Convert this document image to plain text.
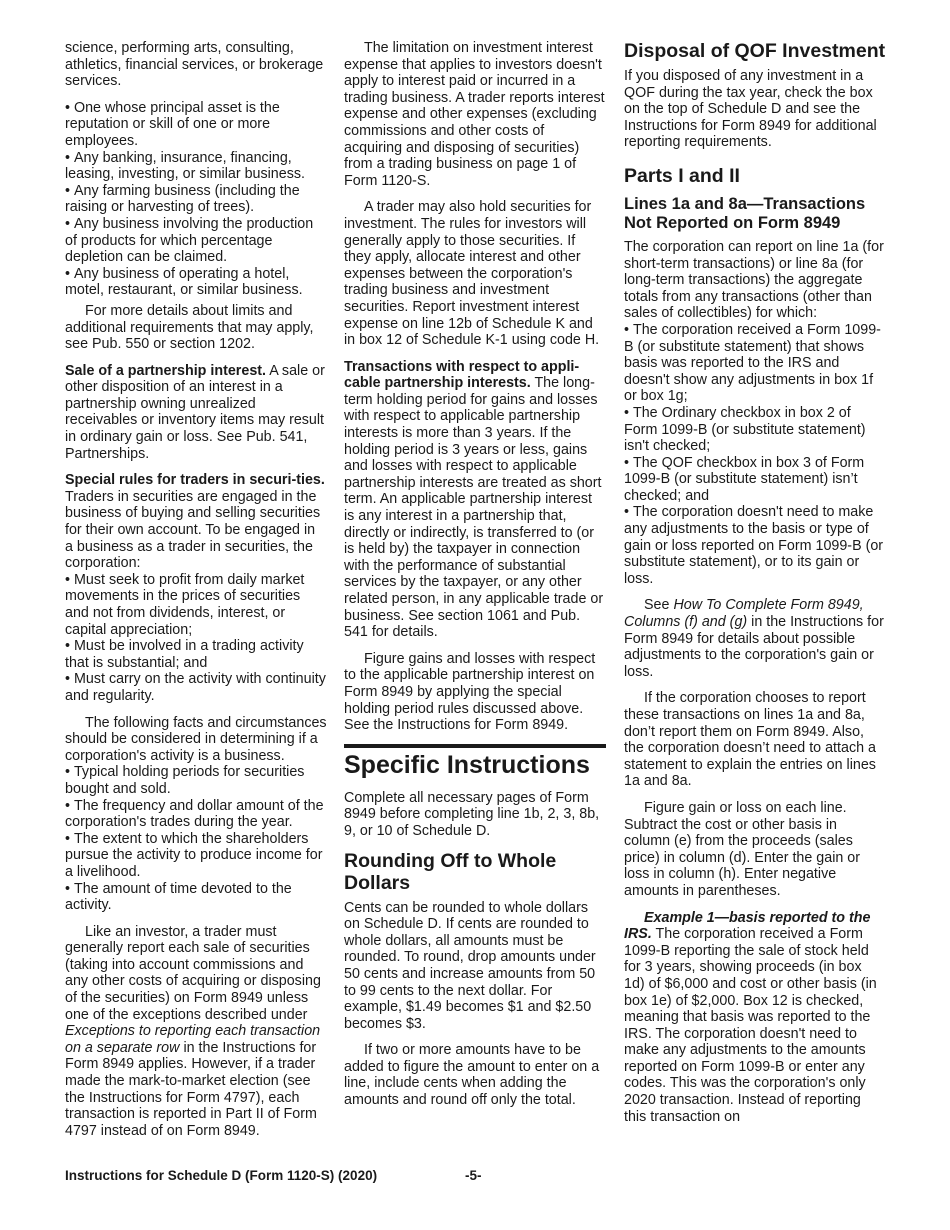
science, performing arts, consulting, athletics, financial services, or brokerage services.

• One whose principal asset is the reputation or skill of one or more employees.
• Any banking, insurance, financing, leasing, investing, or similar business.
• Any farming business (including the raising or harvesting of trees).
• Any business involving the production of products for which percentage depletion can be claimed.
• Any business of operating a hotel, motel, restaurant, or similar business.

For more details about limits and additional requirements that may apply, see Pub. 550 or section 1202.

Sale of a partnership interest. A sale or other disposition of an interest in a partnership owning unrealized receivables or inventory items may result in ordinary gain or loss. See Pub. 541, Partnerships.

Special rules for traders in securi-ties. Traders in securities are engaged in the business of buying and selling securities for their own account. To be engaged in a business as a trader in securities, the corporation:

• Must seek to profit from daily market movements in the prices of securities and not from dividends, interest, or capital appreciation;
• Must be involved in a trading activity that is substantial; and
• Must carry on the activity with continuity and regularity.

The following facts and circumstances should be considered in determining if a corporation's activity is a business.

• Typical holding periods for securities bought and sold.
• The frequency and dollar amount of the corporation's trades during the year.
• The extent to which the shareholders pursue the activity to produce income for a livelihood.
• The amount of time devoted to the activity.

Like an investor, a trader must generally report each sale of securities (taking into account commissions and any other costs of acquiring or disposing of the securities) on Form 8949 unless one of the exceptions described under Exceptions to reporting each transaction on a separate row in the Instructions for Form 8949 applies. However, if a trader made the mark-to-market election (see the Instructions for Form 4797), each transaction is reported in Part II of Form 4797 instead of on Form 8949.

The limitation on investment interest expense that applies to investors doesn't apply to interest paid or incurred in a trading business. A trader reports interest expense and other expenses (excluding commissions and other costs of acquiring and disposing of securities) from a trading business on page 1 of Form 1120-S.

A trader may also hold securities for investment. The rules for investors will generally apply to those securities. If they apply, allocate interest and other expenses between the corporation's trading business and investment securities. Report investment interest expense on line 12b of Schedule K and in box 12 of Schedule K-1 using code H.

Transactions with respect to appli-cable partnership interests. The long-term holding period for gains and losses with respect to applicable partnership interests is more than 3 years. If the holding period is 3 years or less, gains and losses with respect to applicable partnership interests are treated as short term. An applicable partnership interest is any interest in a partnership that, directly or indirectly, is transferred to (or is held by) the taxpayer in connection with the performance of substantial services by the taxpayer, or any other related person, in any applicable trade or business. See section 1061 and Pub. 541 for details.

Figure gains and losses with respect to the applicable partnership interest on Form 8949 by applying the special holding period rules discussed above. See the Instructions for Form 8949.

Specific Instructions

Complete all necessary pages of Form 8949 before completing line 1b, 2, 3, 8b, 9, or 10 of Schedule D.

Rounding Off to Whole Dollars

Cents can be rounded to whole dollars on Schedule D. If cents are rounded to whole dollars, all amounts must be rounded. To round, drop amounts under 50 cents and increase amounts from 50 to 99 cents to the next dollar. For example, $1.49 becomes $1 and $2.50 becomes $3.

If two or more amounts have to be added to figure the amount to enter on a line, include cents when adding the amounts and round off only the total.

Disposal of QOF Investment

If you disposed of any investment in a QOF during the tax year, check the box on the top of Schedule D and see the Instructions for Form 8949 for additional reporting requirements.

Parts I and II
Lines 1a and 8a—Transactions Not Reported on Form 8949

The corporation can report on line 1a (for short-term transactions) or line 8a (for long-term transactions) the aggregate totals from any transactions (other than sales of collectibles) for which:

• The corporation received a Form 1099-B (or substitute statement) that shows basis was reported to the IRS and doesn't show any adjustments in box 1f or box 1g;
• The Ordinary checkbox in box 2 of Form 1099-B (or substitute statement) isn't checked;
• The QOF checkbox in box 3 of Form 1099-B (or substitute statement) isn’t checked; and
• The corporation doesn't need to make any adjustments to the basis or type of gain or loss reported on Form 1099-B (or substitute statement), or to its gain or loss.

See How To Complete Form 8949, Columns (f) and (g) in the Instructions for Form 8949 for details about possible adjustments to the corporation's gain or loss.

If the corporation chooses to report these transactions on lines 1a and 8a, don’t report them on Form 8949. Also, the corporation doesn’t need to attach a statement to explain the entries on lines 1a and 8a.

Figure gain or loss on each line. Subtract the cost or other basis in column (e) from the proceeds (sales price) in column (d). Enter the gain or loss in column (h). Enter negative amounts in parentheses.

Example 1—basis reported to the IRS. The corporation received a Form 1099-B reporting the sale of stock held for 3 years, showing proceeds (in box 1d) of $6,000 and cost or other basis (in box 1e) of $2,000. Box 12 is checked, meaning that basis was reported to the IRS. The corporation doesn't need to make any adjustments to the amounts reported on Form 1099-B or enter any codes. This was the corporation's only 2020 transaction. Instead of reporting this transaction on

Instructions for Schedule D (Form 1120-S) (2020)	-5-
